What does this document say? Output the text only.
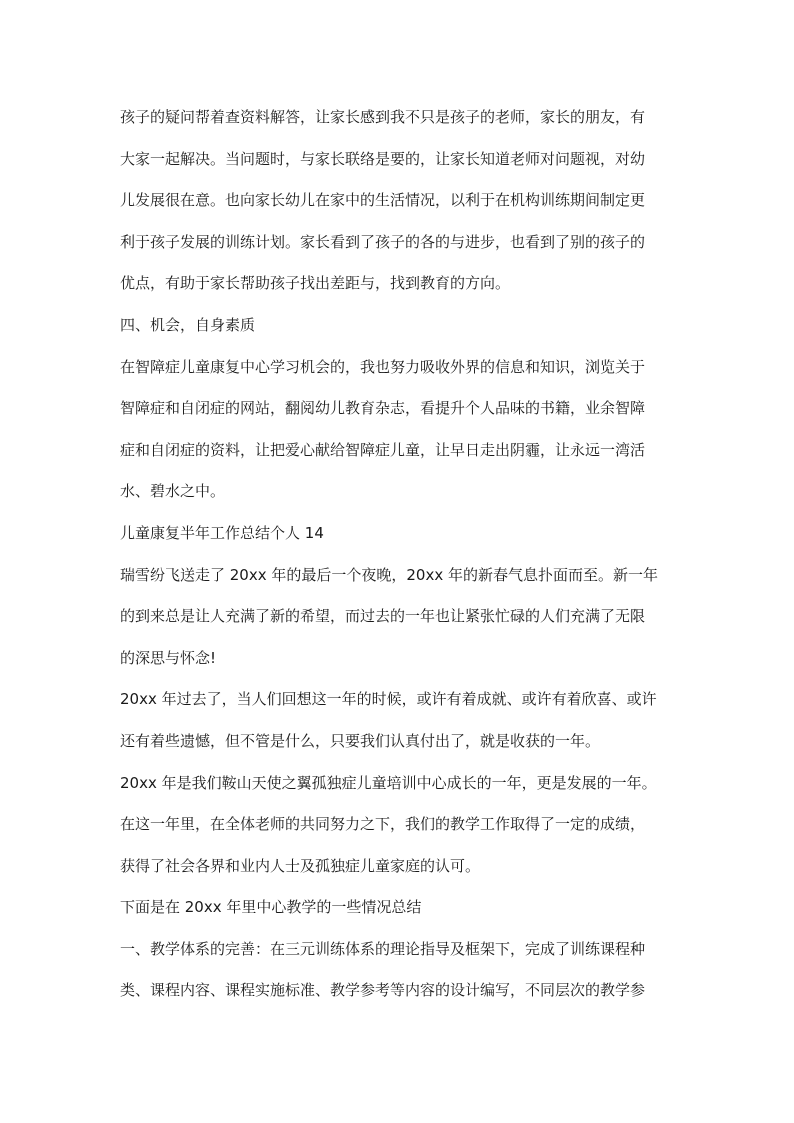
孩子的疑问帮着查资料解答，让家长感到我不只是孩子的老师，家长的朋友，有
大家一起解决。当问题时，与家长联络是要的，让家长知道老师对问题视，对幼
儿发展很在意。也向家长幼儿在家中的生活情况，以利于在机构训练期间制定更
利于孩子发展的训练计划。家长看到了孩子的各的与进步，也看到了别的孩子的
优点，有助于家长帮助孩子找出差距与，找到教育的方向。
四、机会，自身素质
在智障症儿童康复中心学习机会的，我也努力吸收外界的信息和知识，浏览关于
智障症和自闭症的网站，翻阅幼儿教育杂志，看提升个人品味的书籍，业余智障
症和自闭症的资料，让把爱心献给智障症儿童，让早日走出阴霾，让永远一湾活
水、碧水之中。
儿童康复半年工作总结个人 14
瑞雪纷飞送走了 20xx 年的最后一个夜晚，20xx 年的新春气息扑面而至。新一年
的到来总是让人充满了新的希望，而过去的一年也让紧张忙碌的人们充满了无限
的深思与怀念!
20xx 年过去了，当人们回想这一年的时候，或许有着成就、或许有着欣喜、或许
还有着些遗憾，但不管是什么，只要我们认真付出了，就是收获的一年。
20xx 年是我们鞍山天使之翼孤独症儿童培训中心成长的一年，更是发展的一年。
在这一年里，在全体老师的共同努力之下，我们的教学工作取得了一定的成绩，
获得了社会各界和业内人士及孤独症儿童家庭的认可。
下面是在 20xx 年里中心教学的一些情况总结
一、教学体系的完善：在三元训练体系的理论指导及框架下，完成了训练课程种
类、课程内容、课程实施标准、教学参考等内容的设计编写，不同层次的教学参
